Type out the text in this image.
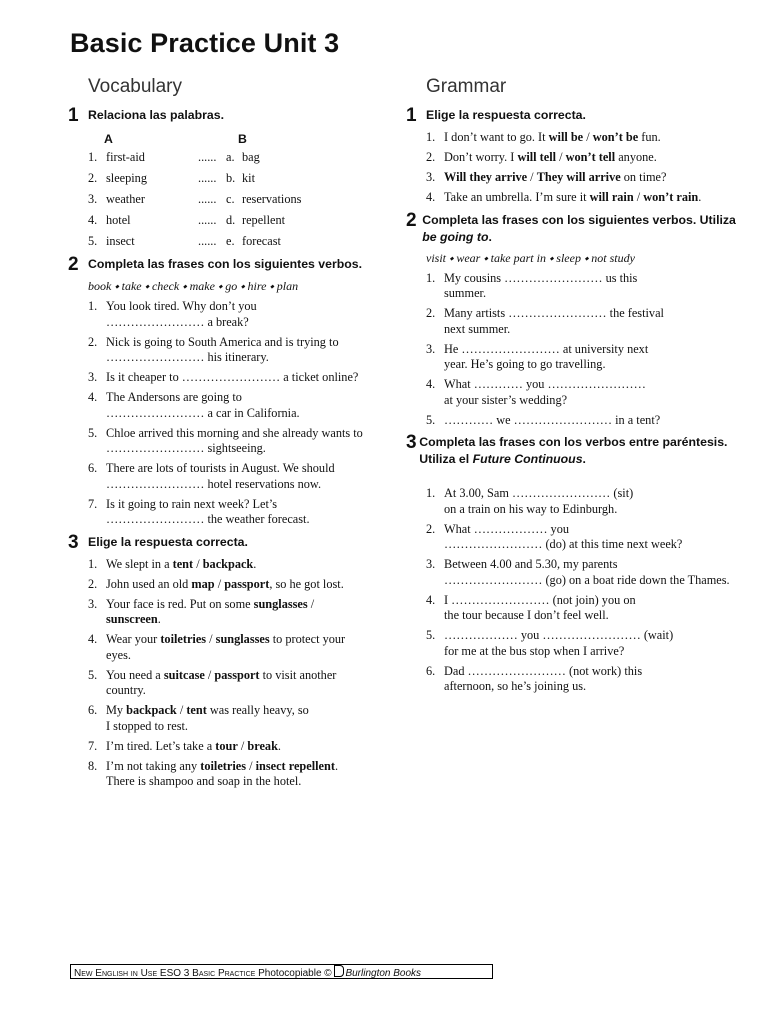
Basic Practice Unit 3
Vocabulary
1 Relaciona las palabras.
A	B
1. first-aid	...... a. bag
2. sleeping	...... b. kit
3. weather	...... c. reservations
4. hotel	...... d. repellent
5. insect	...... e. forecast
2 Completa las frases con los siguientes verbos.
book ⬩ take ⬩ check ⬩ make ⬩ go ⬩ hire ⬩ plan
1. You look tired. Why don’t you
…………………… a break?
2. Nick is going to South America and is trying to …………………… his itinerary.
3. Is it cheaper to …………………… a ticket online?
4. The Andersons are going to
…………………… a car in California.
5. Chloe arrived this morning and she already wants to …………………… sightseeing.
6. There are lots of tourists in August. We should …………………… hotel reservations now.
7. Is it going to rain next week? Let’s
…………………… the weather forecast.
3 Elige la respuesta correcta.
1. We slept in a tent / backpack.
2. John used an old map / passport, so he got lost.
3. Your face is red. Put on some sunglasses / sunscreen.
4. Wear your toiletries / sunglasses to protect your eyes.
5. You need a suitcase / passport to visit another country.
6. My backpack / tent was really heavy, so
I stopped to rest.
7. I’m tired. Let’s take a tour / break.
8. I’m not taking any toiletries / insect repellent. There is shampoo and soap in the hotel.
Grammar
1 Elige la respuesta correcta.
1. I don’t want to go. It will be / won’t be fun.
2. Don’t worry. I will tell / won’t tell anyone.
3. Will they arrive / They will arrive on time?
4. Take an umbrella. I’m sure it will rain / won’t rain.
2 Completa las frases con los siguientes verbos. Utiliza be going to.
visit ⬩ wear ⬩ take part in ⬩ sleep ⬩ not study
1. My cousins …………………… us this
summer.
2. Many artists …………………… the festival
next summer.
3. He …………………… at university next
year. He’s going to go travelling.
4. What ………… you ……………………
at your sister’s wedding?
5. ………… we …………………… in a tent?
3 Completa las frases con los verbos entre paréntesis. Utiliza el Future Continuous.
1. At 3.00, Sam …………………… (sit)
on a train on his way to Edinburgh.
2. What ……………… you
…………………… (do) at this time next week?
3. Between 4.00 and 5.30, my parents
…………………… (go) on a boat ride down the Thames.
4. I …………………… (not join) you on
the tour because I don’t feel well.
5. ……………… you …………………… (wait)
for me at the bus stop when I arrive?
6. Dad …………………… (not work) this
afternoon, so he’s joining us.
New English in Use ESO 3 Basic Practice Photocopiable © Burlington Books
